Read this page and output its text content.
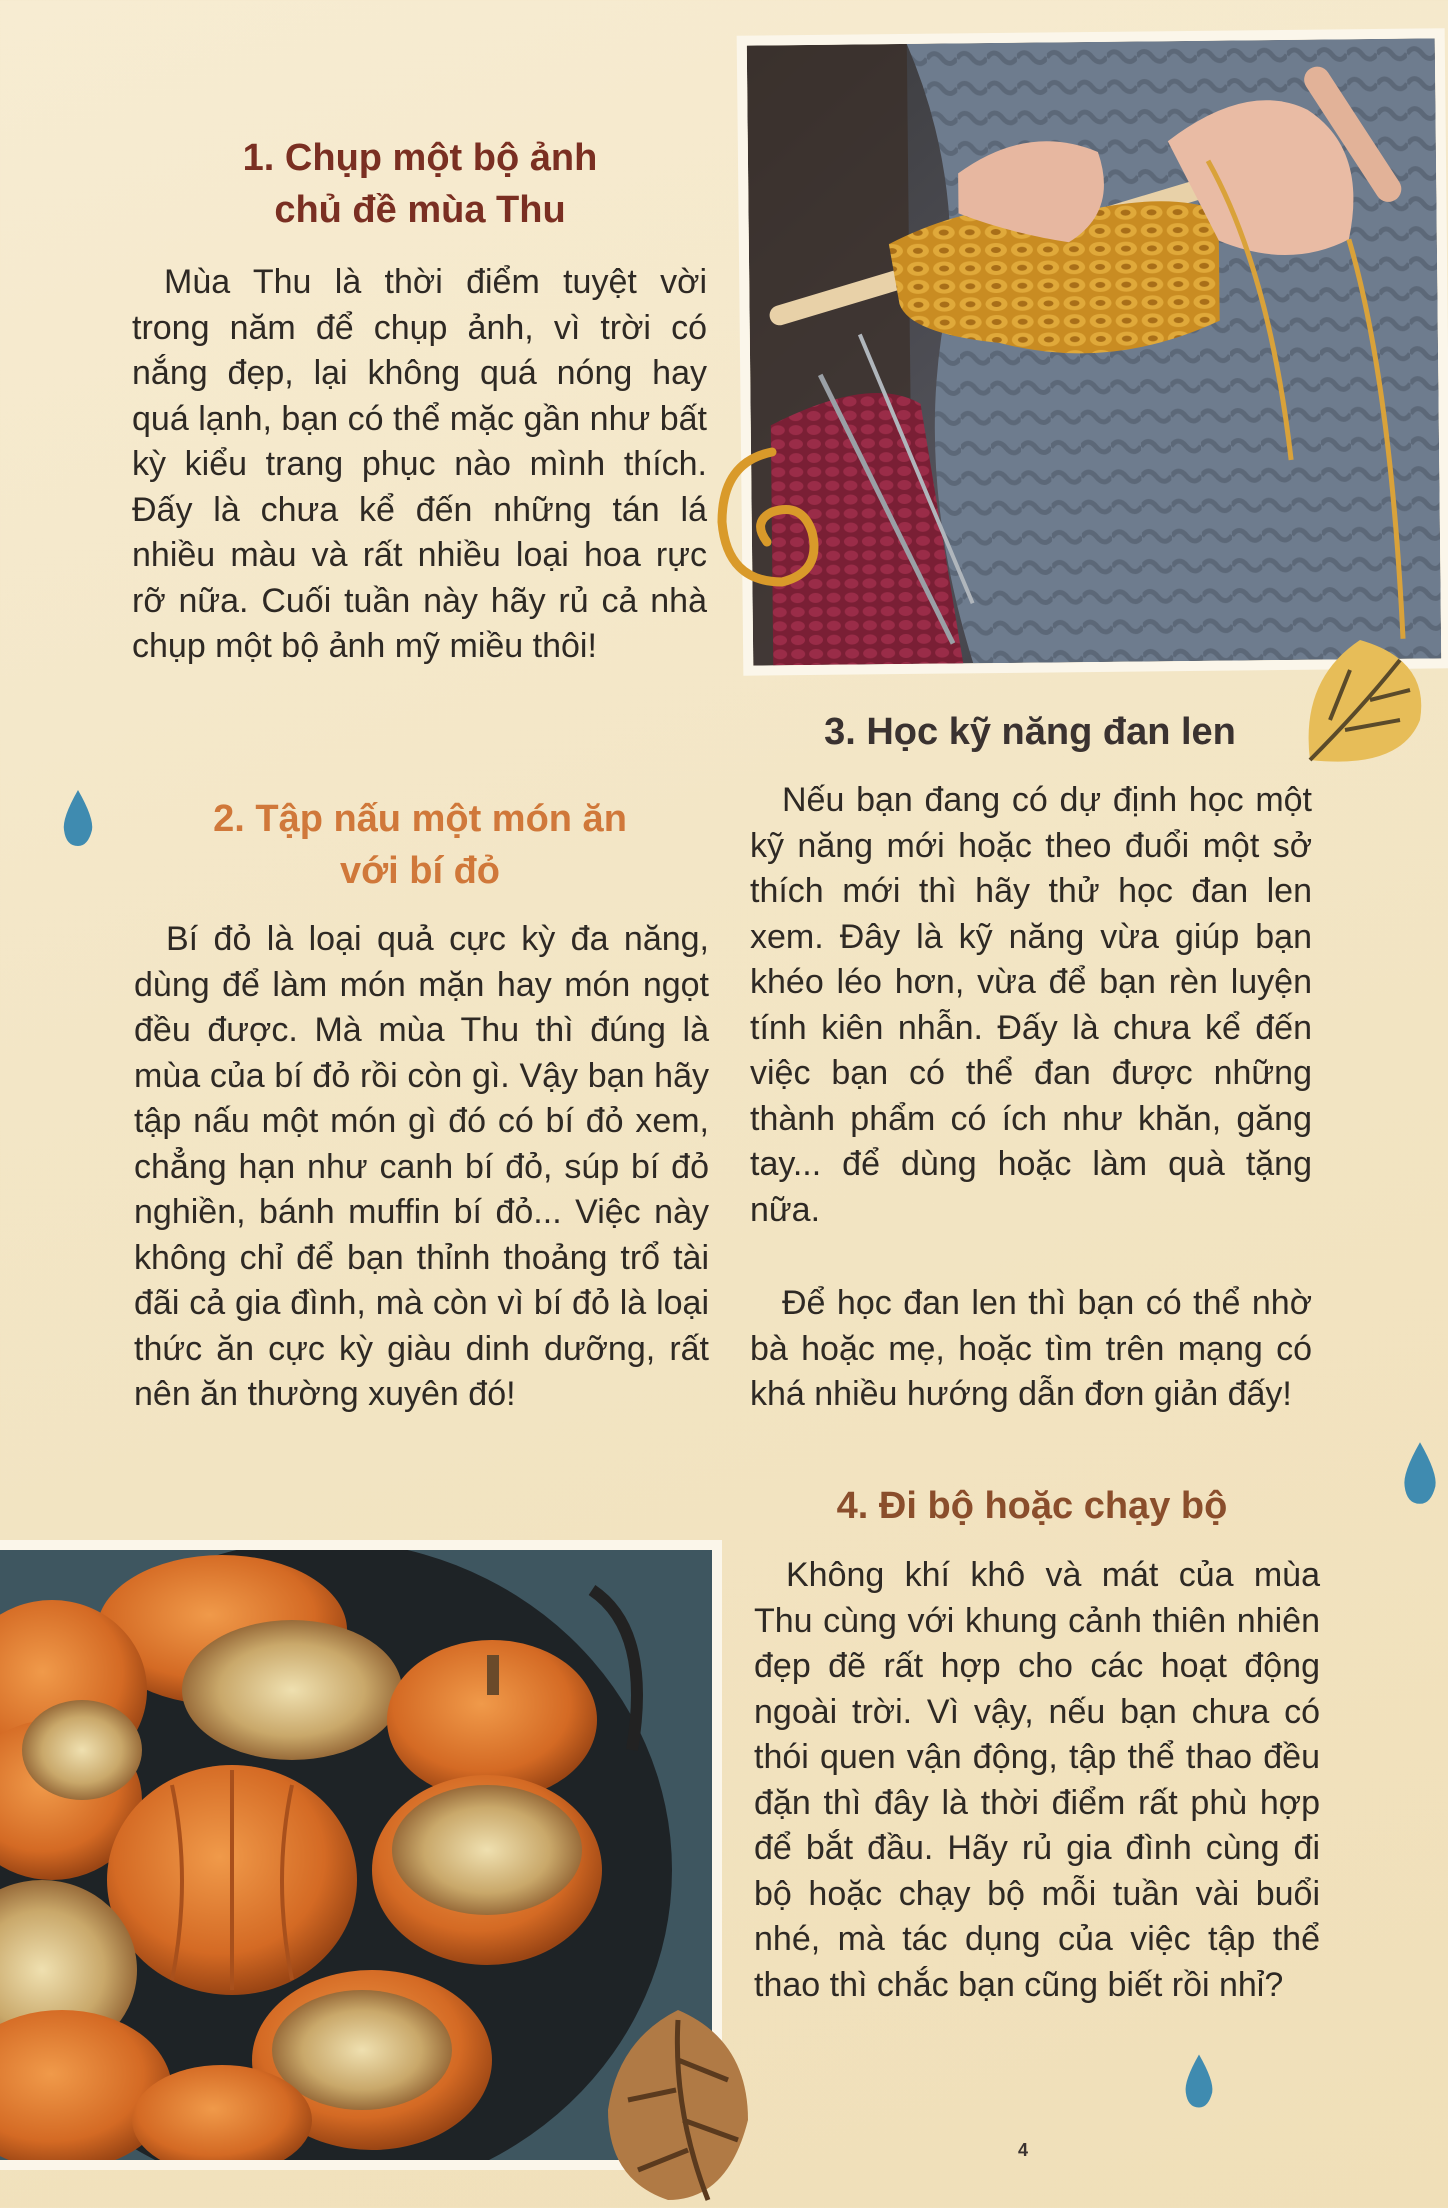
1. Chụp một bộ ảnh
chủ đề mùa Thu

Mùa Thu là thời điểm tuyệt vời trong năm để chụp ảnh, vì trời có nắng đẹp, lại không quá nóng hay quá lạnh, bạn có thể mặc gần như bất kỳ kiểu trang phục nào mình thích. Đấy là chưa kể đến những tán lá nhiều màu và rất nhiều loại hoa rực rỡ nữa. Cuối tuần này hãy rủ cả nhà chụp một bộ ảnh mỹ miều thôi!

2. Tập nấu một món ăn
với bí đỏ

Bí đỏ là loại quả cực kỳ đa năng, dùng để làm món mặn hay món ngọt đều được. Mà mùa Thu thì đúng là mùa của bí đỏ rồi còn gì. Vậy bạn hãy tập nấu một món gì đó có bí đỏ xem, chẳng hạn như canh bí đỏ, súp bí đỏ nghiền, bánh muffin bí đỏ... Việc này không chỉ để bạn thỉnh thoảng trổ tài đãi cả gia đình, mà còn vì bí đỏ là loại thức ăn cực kỳ giàu dinh dưỡng, rất nên ăn thường xuyên đó!

3. Học kỹ năng đan len

Nếu bạn đang có dự định học một kỹ năng mới hoặc theo đuổi một sở thích mới thì hãy thử học đan len xem. Đây là kỹ năng vừa giúp bạn khéo léo hơn, vừa để bạn rèn luyện tính kiên nhẫn. Đấy là chưa kể đến việc bạn có thể đan được những thành phẩm có ích như khăn, găng tay... để dùng hoặc làm quà tặng nữa.

Để học đan len thì bạn có thể nhờ bà hoặc mẹ, hoặc tìm trên mạng có khá nhiều hướng dẫn đơn giản đấy!

4. Đi bộ hoặc chạy bộ

Không khí khô và mát của mùa Thu cùng với khung cảnh thiên nhiên đẹp đẽ rất hợp cho các hoạt động ngoài trời. Vì vậy, nếu bạn chưa có thói quen vận động, tập thể thao đều đặn thì đây là thời điểm rất phù hợp để bắt đầu. Hãy rủ gia đình cùng đi bộ hoặc chạy bộ mỗi tuần vài buổi nhé, mà tác dụng của việc tập thể thao thì chắc bạn cũng biết rồi nhỉ?

4
